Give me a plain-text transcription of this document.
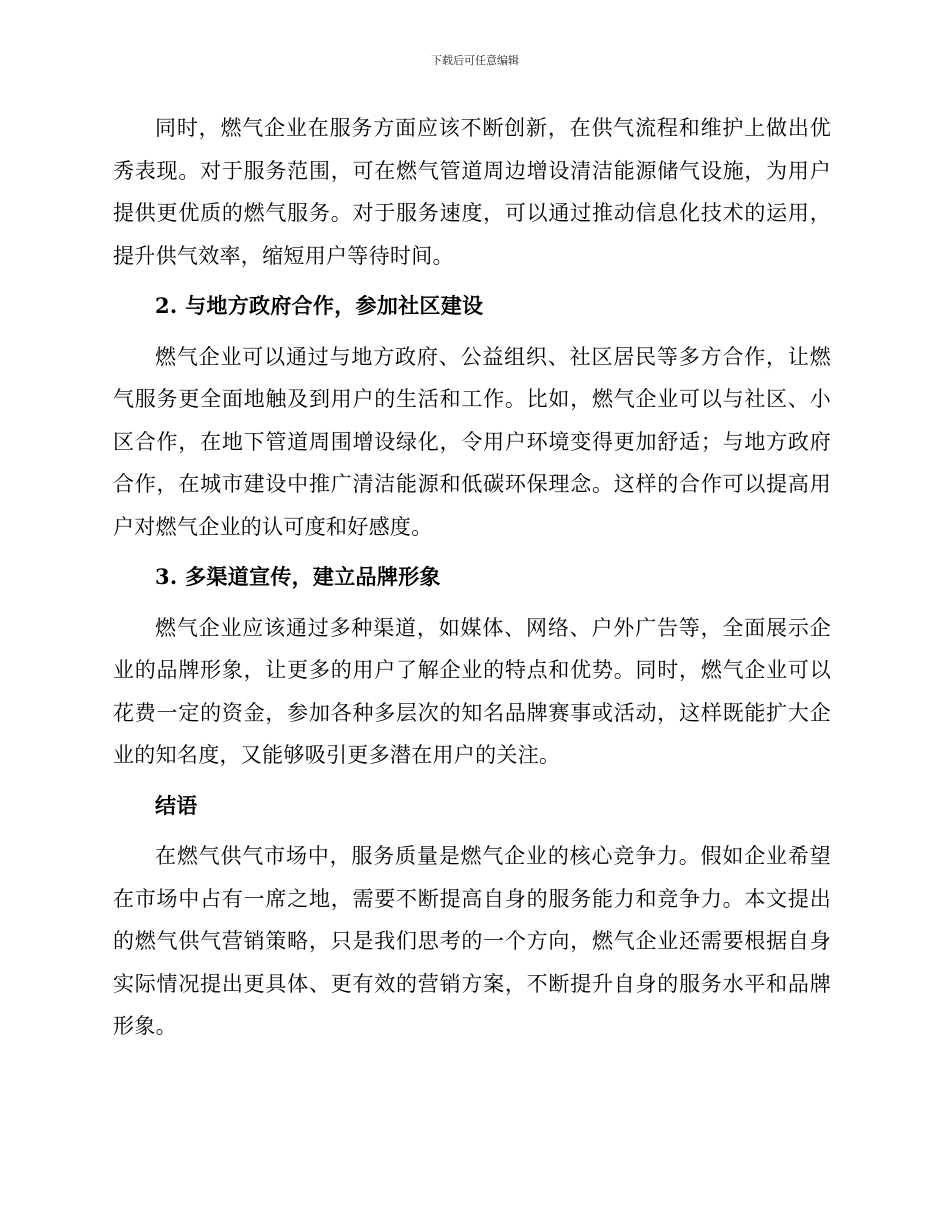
下载后可任意编辑

同时，燃气企业在服务方面应该不断创新，在供气流程和维护上做出优秀表现。对于服务范围，可在燃气管道周边增设清洁能源储气设施，为用户提供更优质的燃气服务。对于服务速度，可以通过推动信息化技术的运用，提升供气效率，缩短用户等待时间。

2. 与地方政府合作，参加社区建设

燃气企业可以通过与地方政府、公益组织、社区居民等多方合作，让燃气服务更全面地触及到用户的生活和工作。比如，燃气企业可以与社区、小区合作，在地下管道周围增设绿化，令用户环境变得更加舒适；与地方政府合作，在城市建设中推广清洁能源和低碳环保理念。这样的合作可以提高用户对燃气企业的认可度和好感度。

3. 多渠道宣传，建立品牌形象

燃气企业应该通过多种渠道，如媒体、网络、户外广告等，全面展示企业的品牌形象，让更多的用户了解企业的特点和优势。同时，燃气企业可以花费一定的资金，参加各种多层次的知名品牌赛事或活动，这样既能扩大企业的知名度，又能够吸引更多潜在用户的关注。

结语

在燃气供气市场中，服务质量是燃气企业的核心竞争力。假如企业希望在市场中占有一席之地，需要不断提高自身的服务能力和竞争力。本文提出的燃气供气营销策略，只是我们思考的一个方向，燃气企业还需要根据自身实际情况提出更具体、更有效的营销方案，不断提升自身的服务水平和品牌形象。
